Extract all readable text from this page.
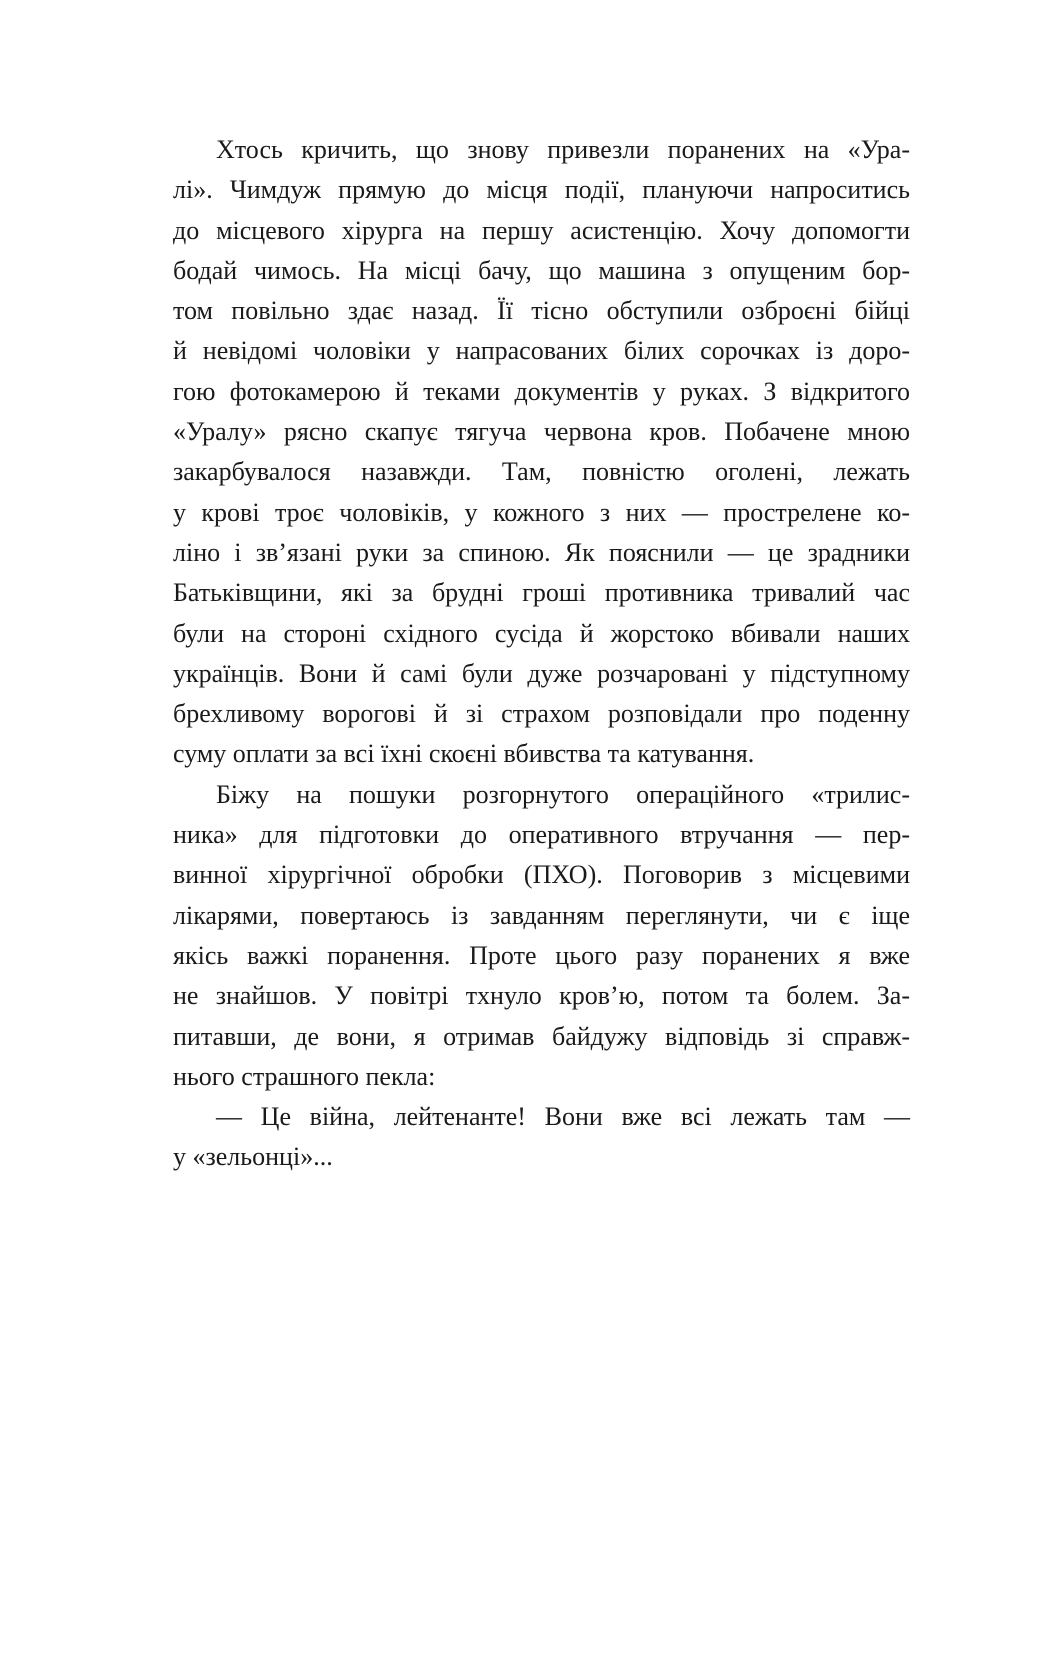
Хтось кричить, що знову привезли поранених на «Ура-
лі». Чимдуж прямую до місця події, плануючи напроситись
до місцевого хірурга на першу асистенцію. Хочу допомогти
бодай чимось. На місці бачу, що машина з опущеним бор-
том повільно здає назад. Її тісно обступили озброєні бійці
й невідомі чоловіки у напрасованих білих сорочках із доро-
гою фотокамерою й теками документів у руках. З відкритого
«Уралу» рясно скапує тягуча червона кров. Побачене мною
закарбувалося назавжди. Там, повністю оголені, лежать
у крові троє чоловіків, у кожного з них — прострелене ко-
ліно і зв’язані руки за спиною. Як пояснили — це зрадники
Батьківщини, які за брудні гроші противника тривалий час
були на стороні східного сусіда й жорстоко вбивали наших
українців. Вони й самі були дуже розчаровані у підступному
брехливому ворогові й зі страхом розповідали про поденну
суму оплати за всі їхні скоєні вбивства та катування.
Біжу на пошуки розгорнутого операційного «трилис-
ника» для підготовки до оперативного втручання — пер-
винної хірургічної обробки (ПХО). Поговорив з місцевими
лікарями, повертаюсь із завданням переглянути, чи є іще
якісь важкі поранення. Проте цього разу поранених я вже
не знайшов. У повітрі тхнуло кров’ю, потом та болем. За-
питавши, де вони, я отримав байдужу відповідь зі справж-
нього страшного пекла:
— Це війна, лейтенанте! Вони вже всі лежать там —
у «зельонці»...
